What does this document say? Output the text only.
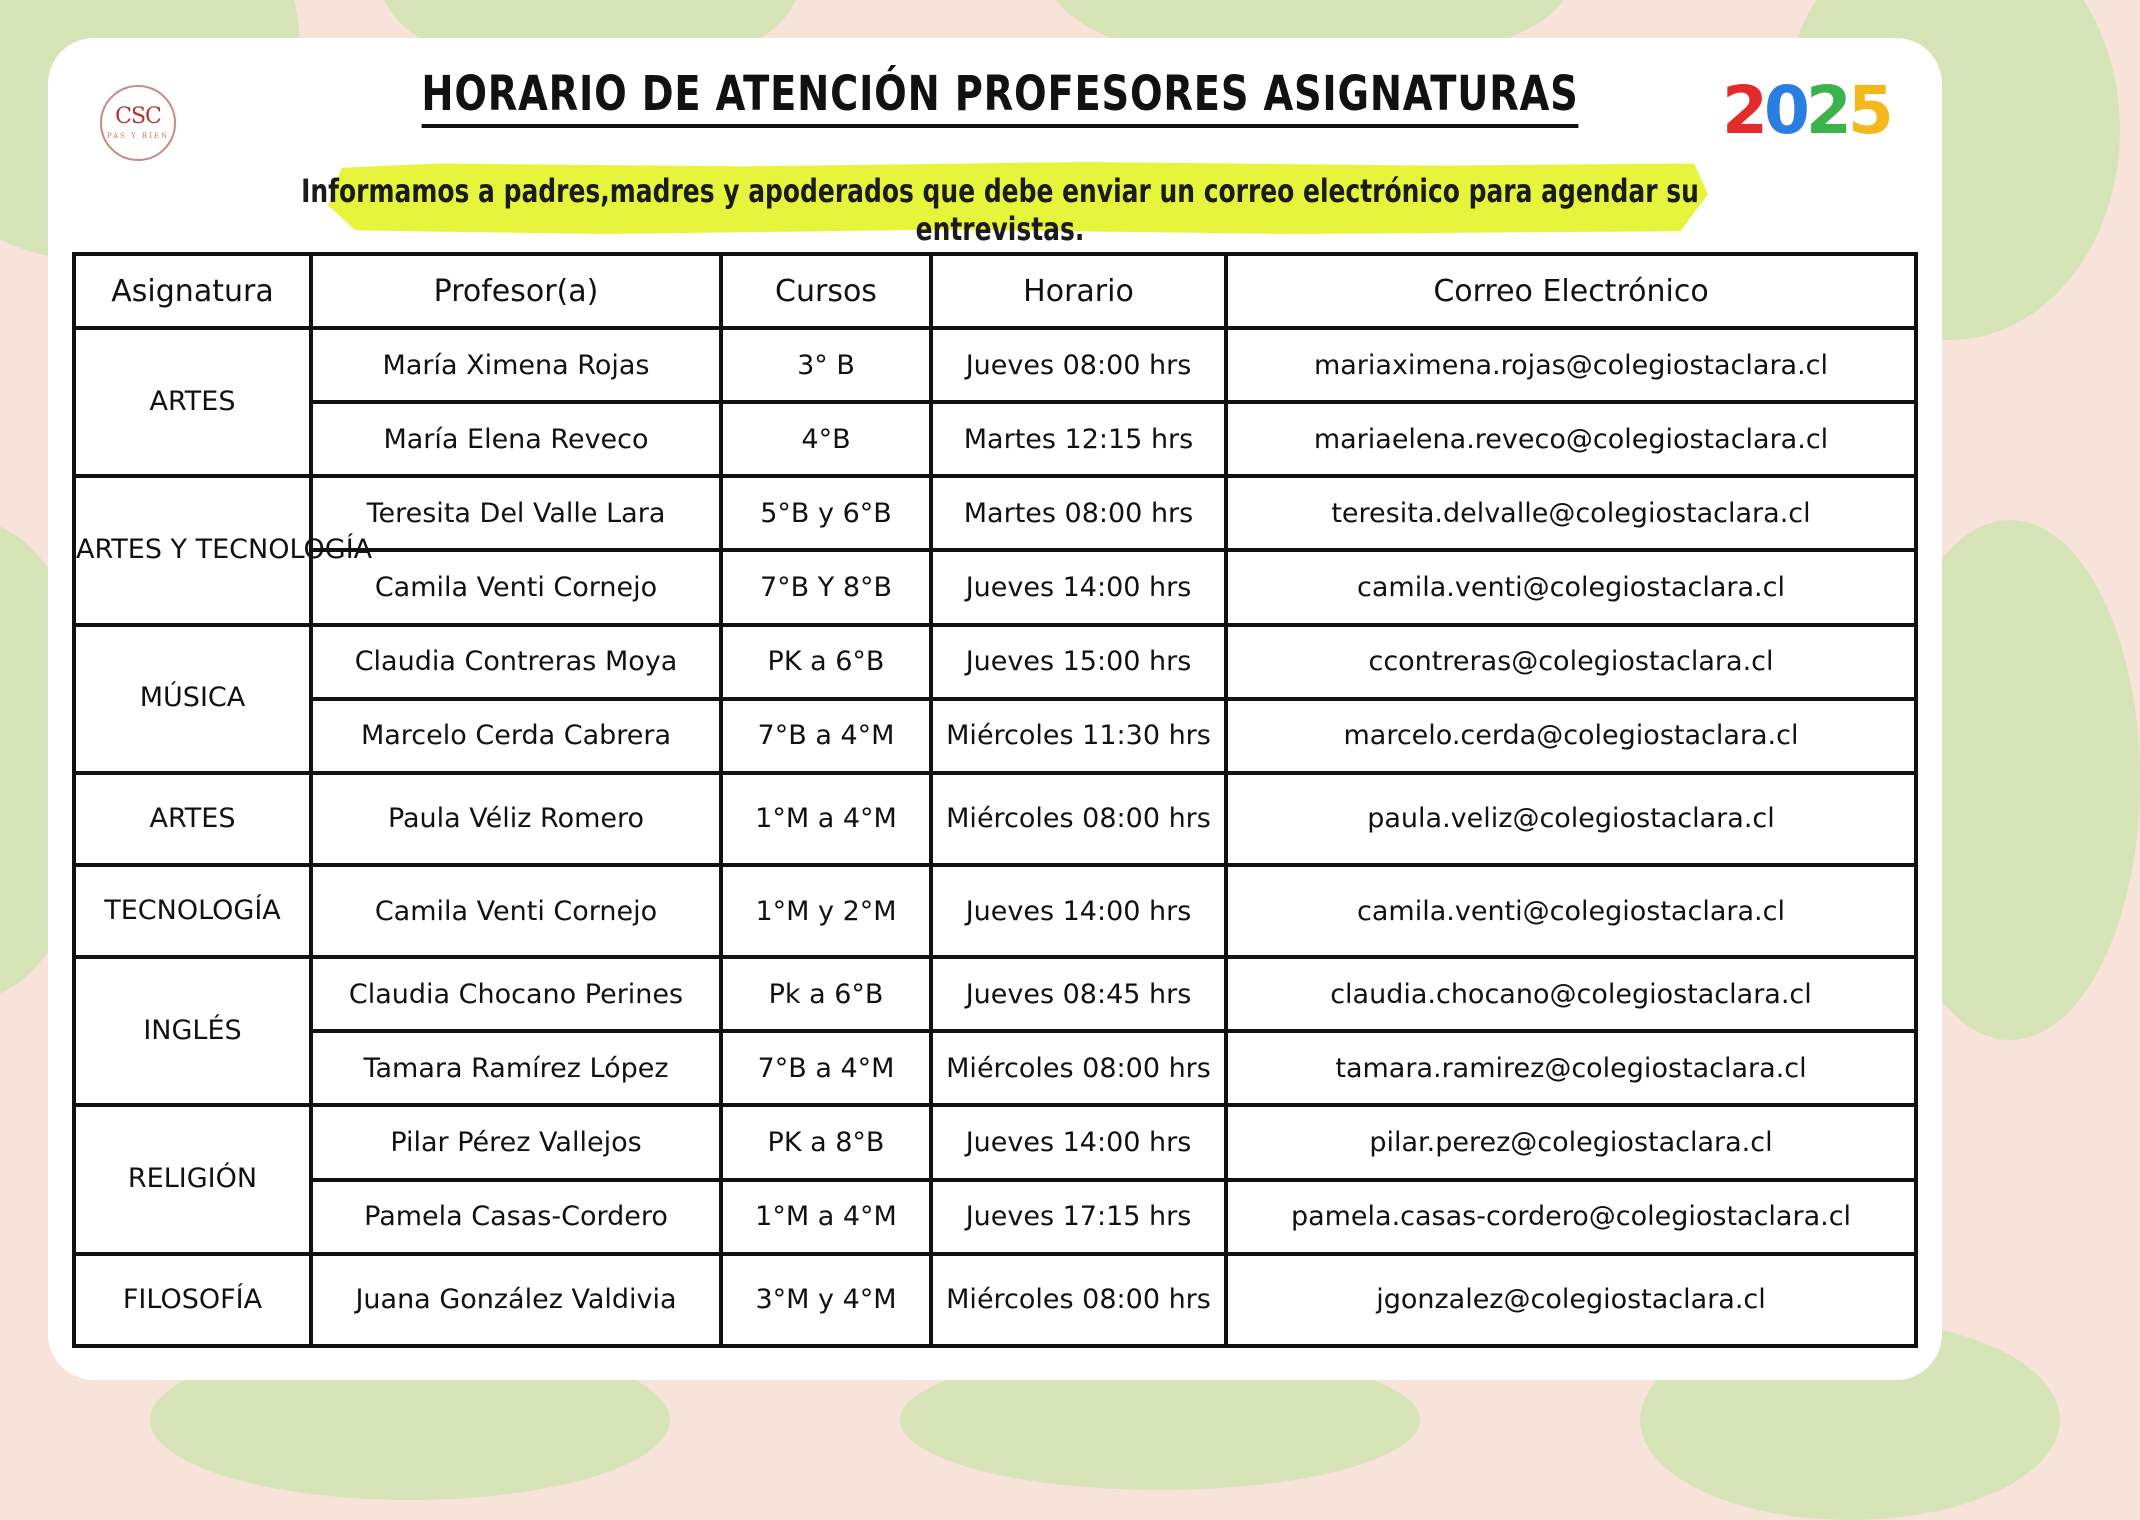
CSC
PAS Y BIEN
HORARIO DE ATENCIÓN PROFESORES ASIGNATURAS	2025
Informamos a padres,madres y apoderados que debe enviar un correo electrónico para agendar su entrevistas.
Asignatura	Profesor(a)	Cursos	Horario	Correo Electrónico
ARTES	María Ximena Rojas	3° B	Jueves 08:00 hrs	mariaximena.rojas@colegiostaclara.cl
	María Elena Reveco	4°B	Martes 12:15 hrs	mariaelena.reveco@colegiostaclara.cl
ARTES Y TECNOLOGÍA	Teresita Del Valle Lara	5°B y 6°B	Martes 08:00 hrs	teresita.delvalle@colegiostaclara.cl
	Camila Venti Cornejo	7°B Y 8°B	Jueves 14:00 hrs	camila.venti@colegiostaclara.cl
MÚSICA	Claudia Contreras Moya	PK a 6°B	Jueves 15:00 hrs	ccontreras@colegiostaclara.cl
	Marcelo Cerda Cabrera	7°B a 4°M	Miércoles 11:30 hrs	marcelo.cerda@colegiostaclara.cl
ARTES	Paula Véliz Romero	1°M a 4°M	Miércoles 08:00 hrs	paula.veliz@colegiostaclara.cl
TECNOLOGÍA	Camila Venti Cornejo	1°M y 2°M	Jueves 14:00 hrs	camila.venti@colegiostaclara.cl
INGLÉS	Claudia Chocano Perines	Pk a 6°B	Jueves 08:45 hrs	claudia.chocano@colegiostaclara.cl
	Tamara Ramírez López	7°B a 4°M	Miércoles 08:00 hrs	tamara.ramirez@colegiostaclara.cl
RELIGIÓN	Pilar Pérez Vallejos	PK a 8°B	Jueves 14:00 hrs	pilar.perez@colegiostaclara.cl
	Pamela Casas-Cordero	1°M a 4°M	Jueves 17:15 hrs	pamela.casas-cordero@colegiostaclara.cl
FILOSOFÍA	Juana González Valdivia	3°M y 4°M	Miércoles 08:00 hrs	jgonzalez@colegiostaclara.cl
